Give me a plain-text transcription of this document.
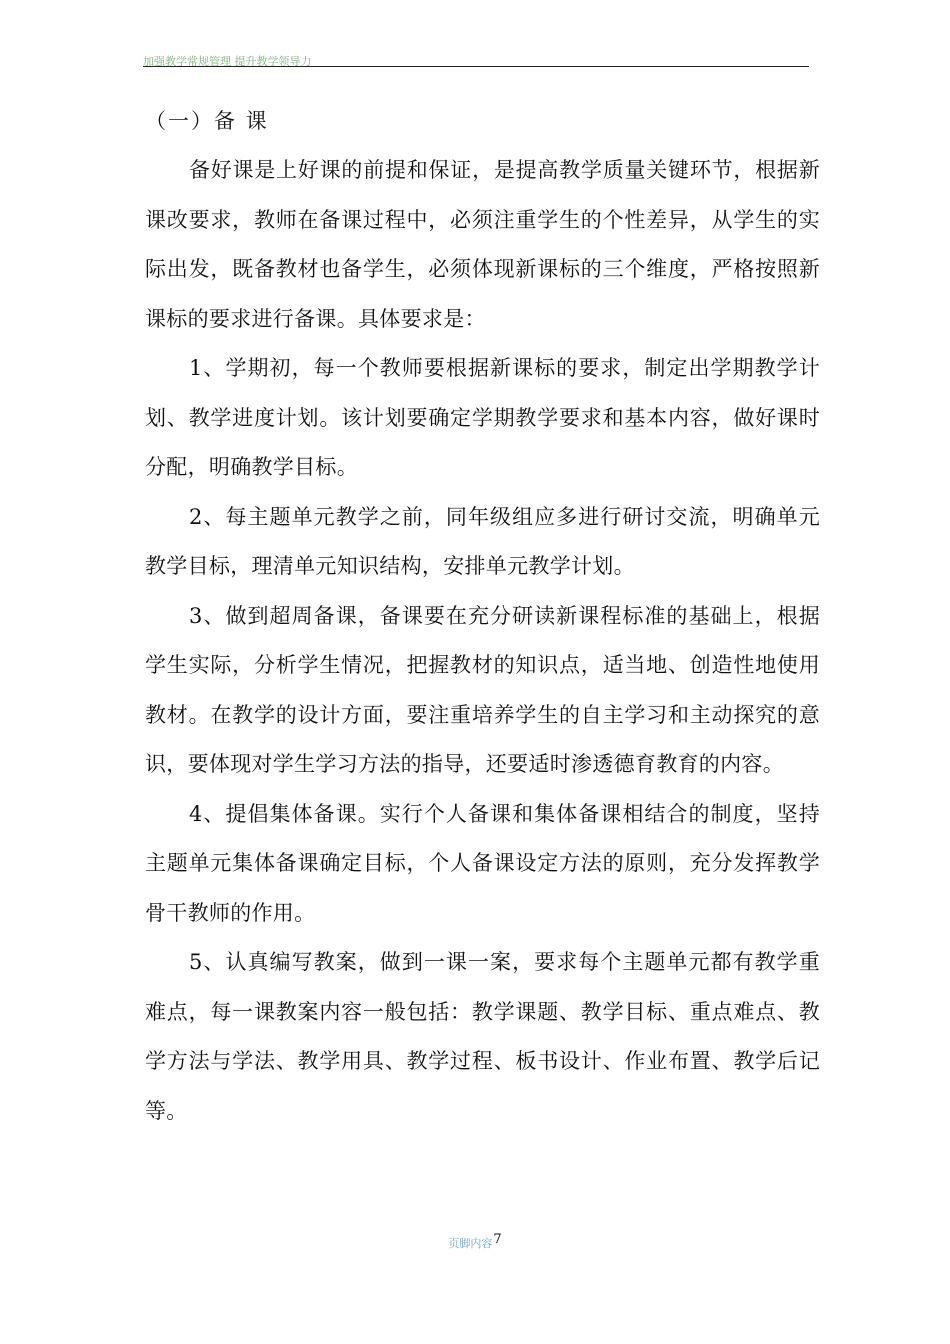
加强教学常规管理 提升教学领导力

（一）备 课

备好课是上好课的前提和保证，是提高教学质量关键环节，根据新课改要求，教师在备课过程中，必须注重学生的个性差异，从学生的实际出发，既备教材也备学生，必须体现新课标的三个维度，严格按照新课标的要求进行备课。具体要求是：

1、学期初，每一个教师要根据新课标的要求，制定出学期教学计划、教学进度计划。该计划要确定学期教学要求和基本内容，做好课时分配，明确教学目标。

2、每主题单元教学之前，同年级组应多进行研讨交流，明确单元教学目标，理清单元知识结构，安排单元教学计划。

3、做到超周备课，备课要在充分研读新课程标准的基础上，根据学生实际，分析学生情况，把握教材的知识点，适当地、创造性地使用教材。在教学的设计方面，要注重培养学生的自主学习和主动探究的意识，要体现对学生学习方法的指导，还要适时渗透德育教育的内容。

4、提倡集体备课。实行个人备课和集体备课相结合的制度，坚持主题单元集体备课确定目标，个人备课设定方法的原则，充分发挥教学骨干教师的作用。

5、认真编写教案，做到一课一案，要求每个主题单元都有教学重难点，每一课教案内容一般包括：教学课题、教学目标、重点难点、教学方法与学法、教学用具、教学过程、板书设计、作业布置、教学后记等。

页脚内容$^7$
